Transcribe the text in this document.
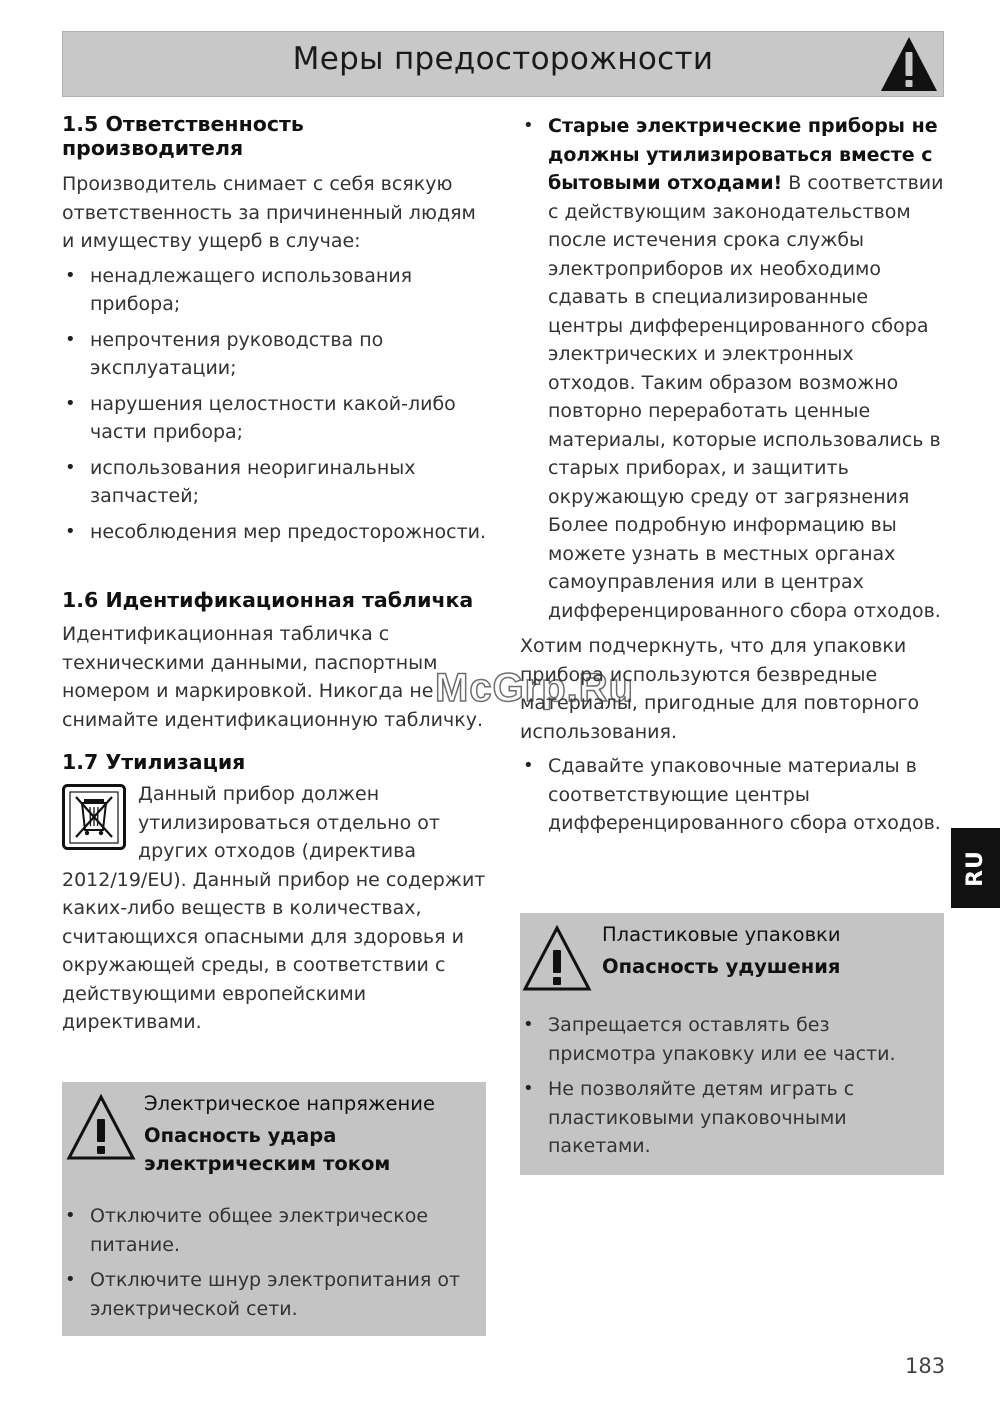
Меры предосторожности
1.5 Ответственность производителя

Производитель снимает с себя всякую ответственность за причиненный людям и имуществу ущерб в случае:

• ненадлежащего использования прибора;
• непрочтения руководства по эксплуатации;
• нарушения целостности какой-либо части прибора;
• использования неоригинальных запчастей;
• несоблюдения мер предосторожности.
1.6 Идентификационная табличка

Идентификационная табличка с техническими данными, паспортным номером и маркировкой. Никогда не снимайте идентификационную табличку.

1.7 Утилизация

Данный прибор должен утилизироваться отдельно от других отходов (директива 2012/19/EU). Данный прибор не содержит каких-либо веществ в количествах, считающихся опасными для здоровья и окружающей среды, в соответствии с действующими европейскими директивами.

Электрическое напряжение
Опасность удара электрическим током
• Отключите общее электрическое питание.
• Отключите шнур электропитания от электрической сети.
• Старые электрические приборы не должны утилизироваться вместе с бытовыми отходами! В соответствии с действующим законодательством после истечения срока службы электроприборов их необходимо сдавать в специализированные центры дифференцированного сбора электрических и электронных отходов. Таким образом возможно повторно переработать ценные материалы, которые использовались в старых приборах, и защитить окружающую среду от загрязнения Более подробную информацию вы можете узнать в местных органах самоуправления или в центрах дифференцированного сбора отходов.

Хотим подчеркнуть, что для упаковки прибора используются безвредные материалы, пригодные для повторного использования.

• Сдавайте упаковочные материалы в соответствующие центры дифференцированного сбора отходов.
Пластиковые упаковки
Опасность удушения
• Запрещается оставлять без присмотра упаковку или ее части.
• Не позволяйте детям играть с пластиковыми упаковочными пакетами.
RU
McGrp.Ru
183
